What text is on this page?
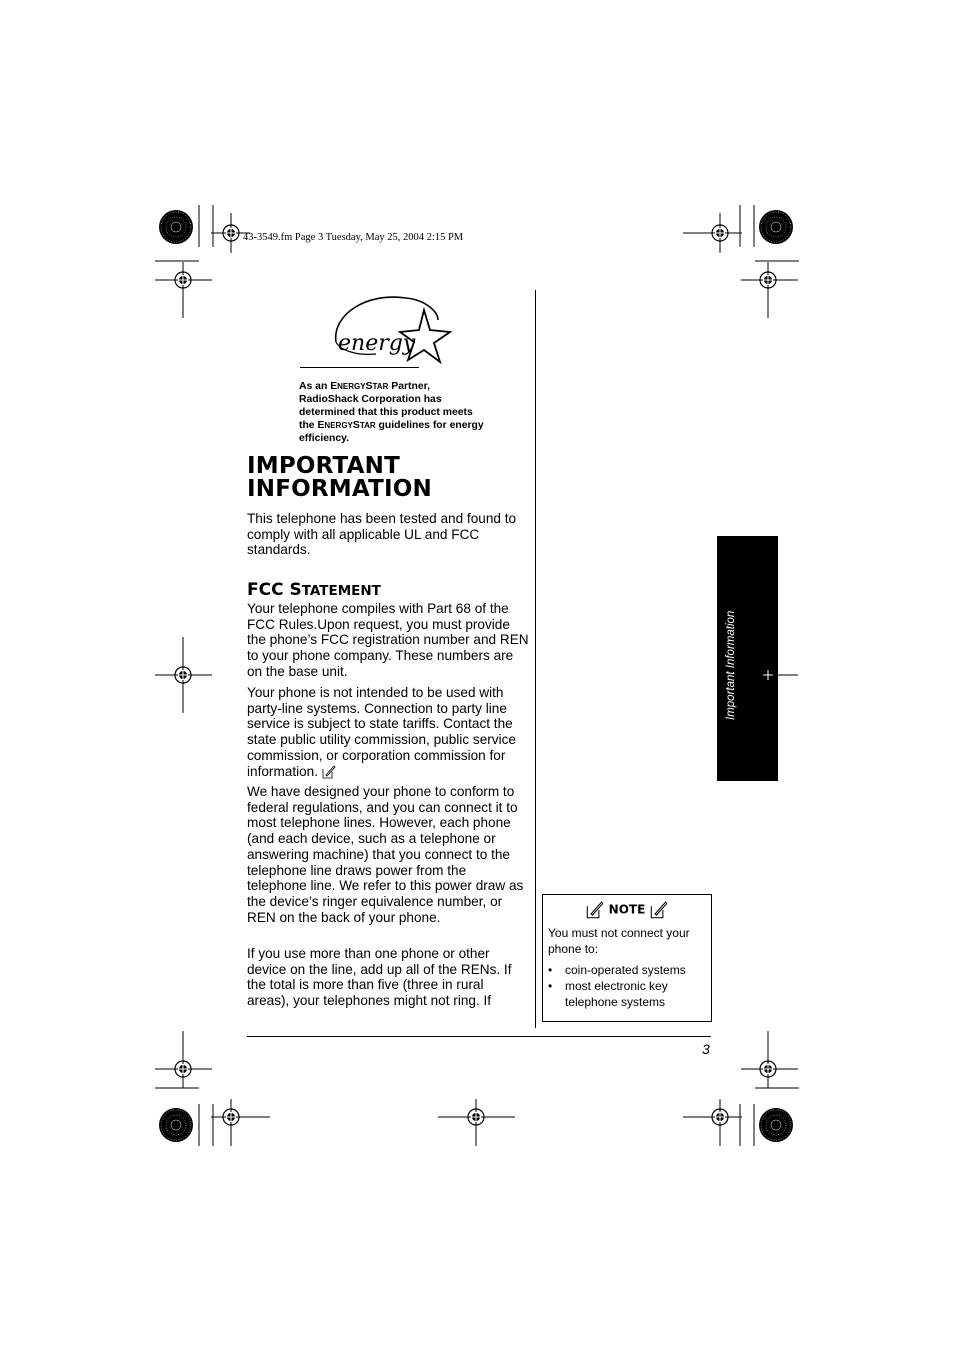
43-3549.fm Page 3 Tuesday, May 25, 2004 2:15 PM
energy
As an ENERGYSTAR Partner, RadioShack Corporation has determined that this product meets the ENERGYSTAR guidelines for energy efficiency.
IMPORTANT
INFORMATION
This telephone has been tested and found to comply with all applicable UL and FCC standards.
FCC STATEMENT
Your telephone compiles with Part 68 of the FCC Rules.Upon request, you must provide the phone’s FCC registration number and REN to your phone company. These numbers are on the base unit.
Your phone is not intended to be used with party-line systems. Connection to party line service is subject to state tariffs. Contact the state public utility commission, public service commission, or corporation commission for information.
We have designed your phone to conform to federal regulations, and you can connect it to most telephone lines. However, each phone (and each device, such as a telephone or answering machine) that you connect to the telephone line draws power from the telephone line. We refer to this power draw as the device’s ringer equivalence number, or REN on the back of your phone.
If you use more than one phone or other device on the line, add up all of the RENs. If the total is more than five (three in rural areas), your telephones might not ring. If
Important Information
NOTE
You must not connect your phone to:
• coin-operated systems
• most electronic key telephone systems
3
